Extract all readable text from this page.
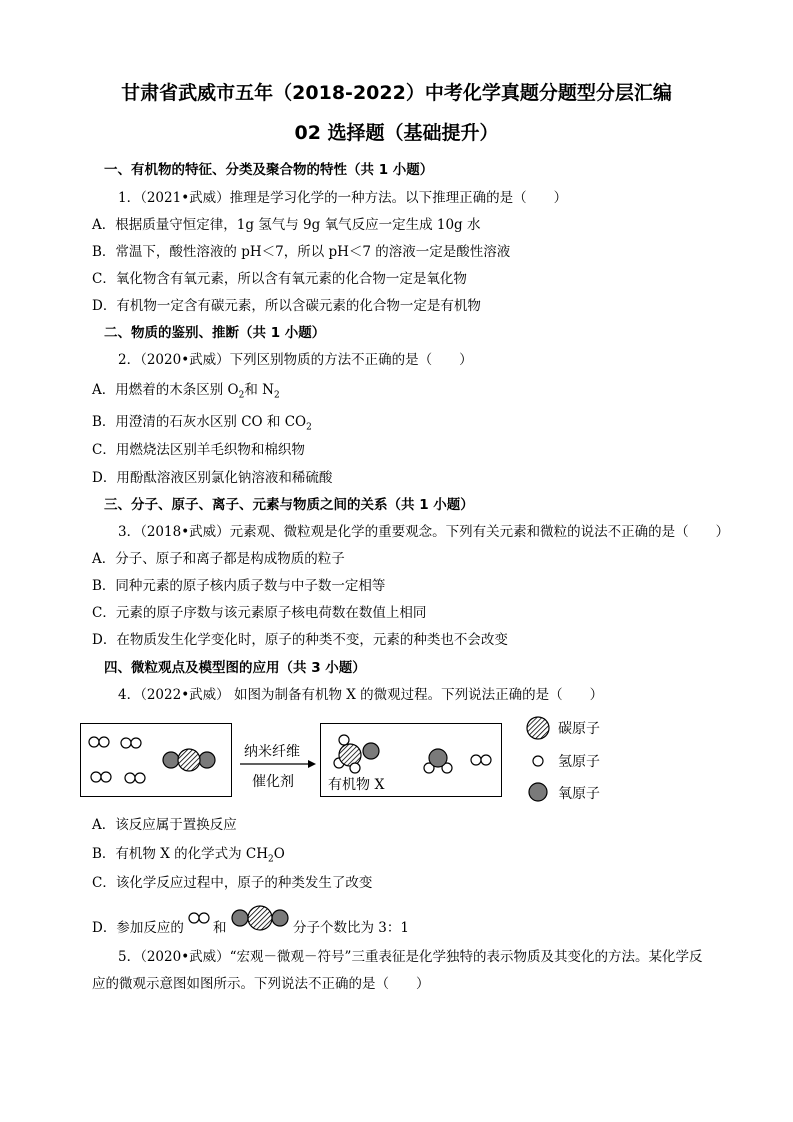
甘肃省武威市五年（2018-2022）中考化学真题分题型分层汇编
02 选择题（基础提升）
一、有机物的特征、分类及聚合物的特性（共 1 小题）
1．（2021•武威）推理是学习化学的一种方法。以下推理正确的是（　　）
A．根据质量守恒定律，1g 氢气与 9g 氧气反应一定生成 10g 水
B．常温下，酸性溶液的 pH＜7，所以 pH＜7 的溶液一定是酸性溶液
C．氧化物含有氧元素，所以含有氧元素的化合物一定是氧化物
D．有机物一定含有碳元素，所以含碳元素的化合物一定是有机物
二、物质的鉴别、推断（共 1 小题）
2．（2020•武威）下列区别物质的方法不正确的是（　　）
A．用燃着的木条区别 $O_2$和 $N_2$
B．用澄清的石灰水区别 CO 和 $CO_2$
C．用燃烧法区别羊毛织物和棉织物
D．用酚酞溶液区别氯化钠溶液和稀硫酸
三、分子、原子、离子、元素与物质之间的关系（共 1 小题）
3．（2018•武威）元素观、微粒观是化学的重要观念。下列有关元素和微粒的说法不正确的是（　　）
A．分子、原子和离子都是构成物质的粒子
B．同种元素的原子核内质子数与中子数一定相等
C．元素的原子序数与该元素原子核电荷数在数值上相同
D．在物质发生化学变化时，原子的种类不变，元素的种类也不会改变
四、微粒观点及模型图的应用（共 3 小题）
4．（2022•武威） 如图为制备有机物 X 的微观过程。下列说法正确的是（　　）
纳米纤维
催化剂 有机物 X
碳原子
氢原子
氧原子
A．该反应属于置换反应
B．有机物 X 的化学式为 $CH_2O$
C．该化学反应过程中，原子的种类发生了改变
D．参加反应的 和	分子个数比为 3：1
5．（2020•武威）“宏观－微观－符号”三重表征是化学独特的表示物质及其变化的方法。某化学反
应的微观示意图如图所示。下列说法不正确的是（　　）
